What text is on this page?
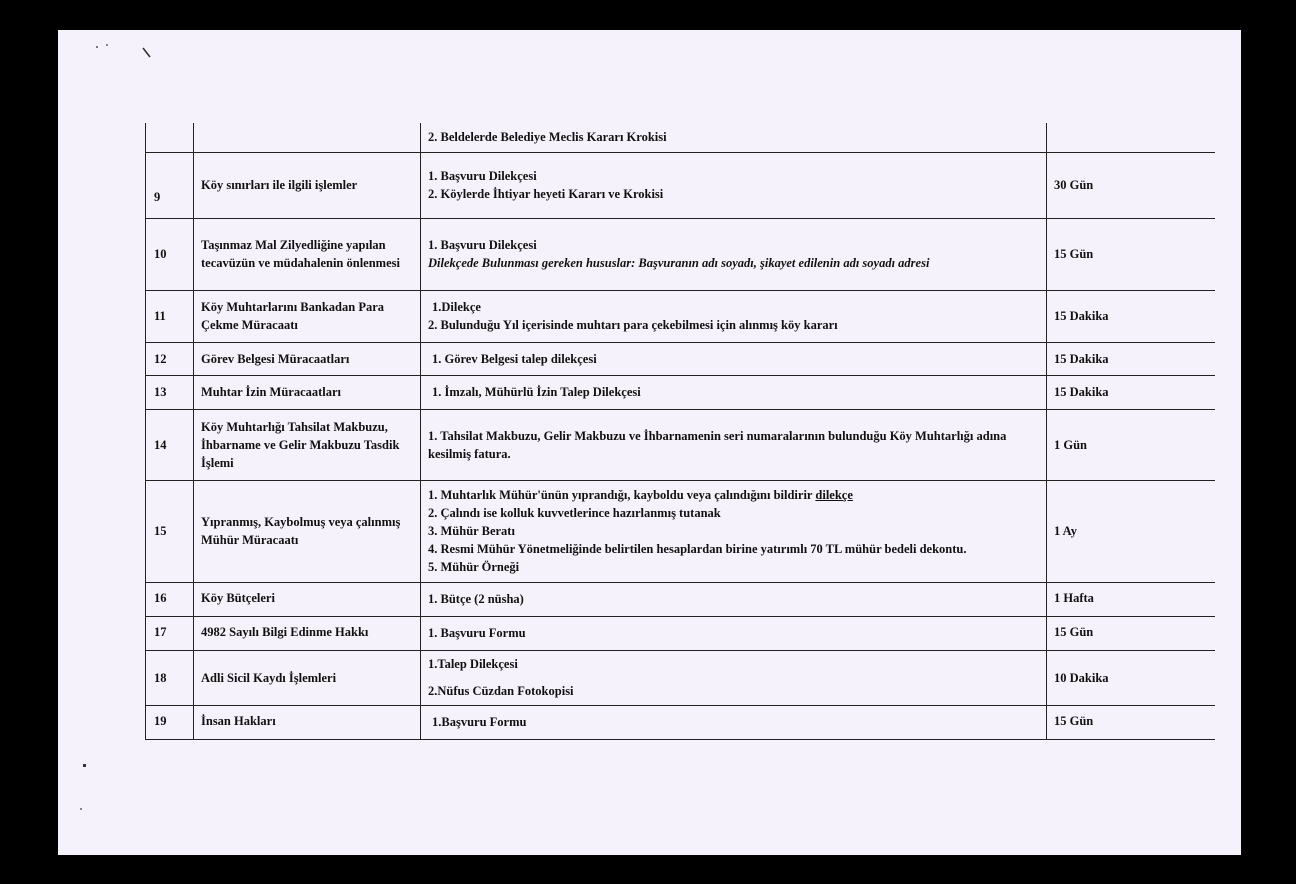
		2. Beldelerde Belediye Meclis Kararı Krokisi	

9	Köy sınırları ile ilgili işlemler	1. Başvuru Dilekçesi
2. Köylerde İhtiyar heyeti Kararı ve Krokisi	30 Gün
10	Taşınmaz Mal Zilyedliğine yapılan tecavüzün ve müdahalenin önlenmesi	1. Başvuru Dilekçesi
Dilekçede Bulunması gereken hususlar: Başvuranın adı soyadı, şikayet edilenin adı soyadı adresi	15 Gün
11	Köy Muhtarlarını Bankadan Para Çekme Müracaatı	1.Dilekçe
2. Bulunduğu Yıl içerisinde muhtarı para çekebilmesi için alınmış köy kararı	15 Dakika
12	Görev Belgesi Müracaatları	1. Görev Belgesi talep dilekçesi	15 Dakika
13	Muhtar İzin Müracaatları	1. İmzalı, Mühürlü İzin Talep Dilekçesi	15 Dakika
14	Köy Muhtarlığı Tahsilat Makbuzu, İhbarname ve Gelir Makbuzu Tasdik İşlemi	1. Tahsilat Makbuzu, Gelir Makbuzu ve İhbarnamenin seri numaralarının bulunduğu Köy Muhtarlığı adına kesilmiş fatura.	1 Gün
15	Yıpranmış, Kaybolmuş veya çalınmış Mühür Müracaatı	1. Muhtarlık Mühür'ünün yıprandığı, kayboldu veya çalındığını bildirir dilekçe
2. Çalındı ise kolluk kuvvetlerince hazırlanmış tutanak
3. Mühür Beratı
4. Resmi Mühür Yönetmeliğinde belirtilen hesaplardan birine yatırımlı 70 TL mühür bedeli dekontu.
5. Mühür Örneği	1 Ay
16	Köy Bütçeleri	1. Bütçe (2 nüsha)	1 Hafta
17	4982 Sayılı Bilgi Edinme Hakkı	1. Başvuru Formu	15 Gün
18	Adli Sicil Kaydı İşlemleri	1.Talep Dilekçesi
2.Nüfus Cüzdan Fotokopisi	10 Dakika
19	İnsan Hakları	1.Başvuru Formu	15 Gün
